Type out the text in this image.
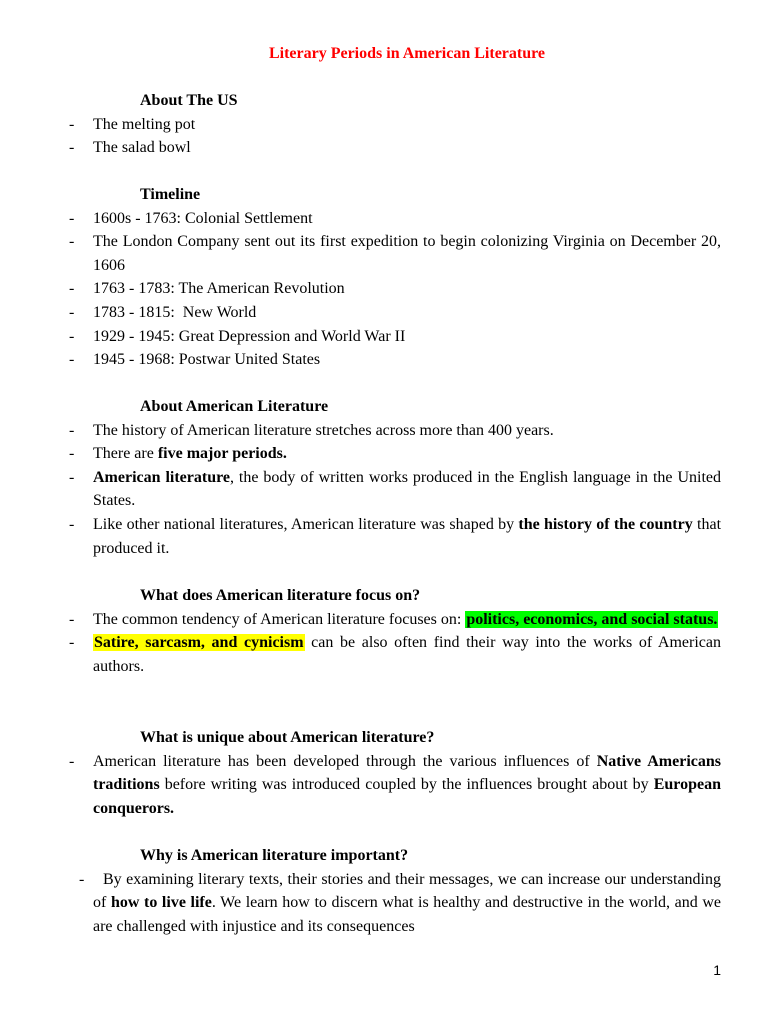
Literary Periods in American Literature
About The US
- The melting pot
- The salad bowl
Timeline
- 1600s - 1763: Colonial Settlement
- The London Company sent out its first expedition to begin colonizing Virginia on December 20, 1606
- 1763 - 1783: The American Revolution
- 1783 - 1815:  New World
- 1929 - 1945: Great Depression and World War II
- 1945 - 1968: Postwar United States
About American Literature
- The history of American literature stretches across more than 400 years.
- There are five major periods.
- American literature, the body of written works produced in the English language in the United States.
- Like other national literatures, American literature was shaped by the history of the country that produced it.
What does American literature focus on?
- The common tendency of American literature focuses on: politics, economics, and social status.
- Satire, sarcasm, and cynicism can be also often find their way into the works of American authors.
What is unique about American literature?
- American literature has been developed through the various influences of Native Americans traditions before writing was introduced coupled by the influences brought about by European conquerors.
Why is American literature important?
- By examining literary texts, their stories and their messages, we can increase our understanding of how to live life. We learn how to discern what is healthy and destructive in the world, and we are challenged with injustice and its consequences
1
